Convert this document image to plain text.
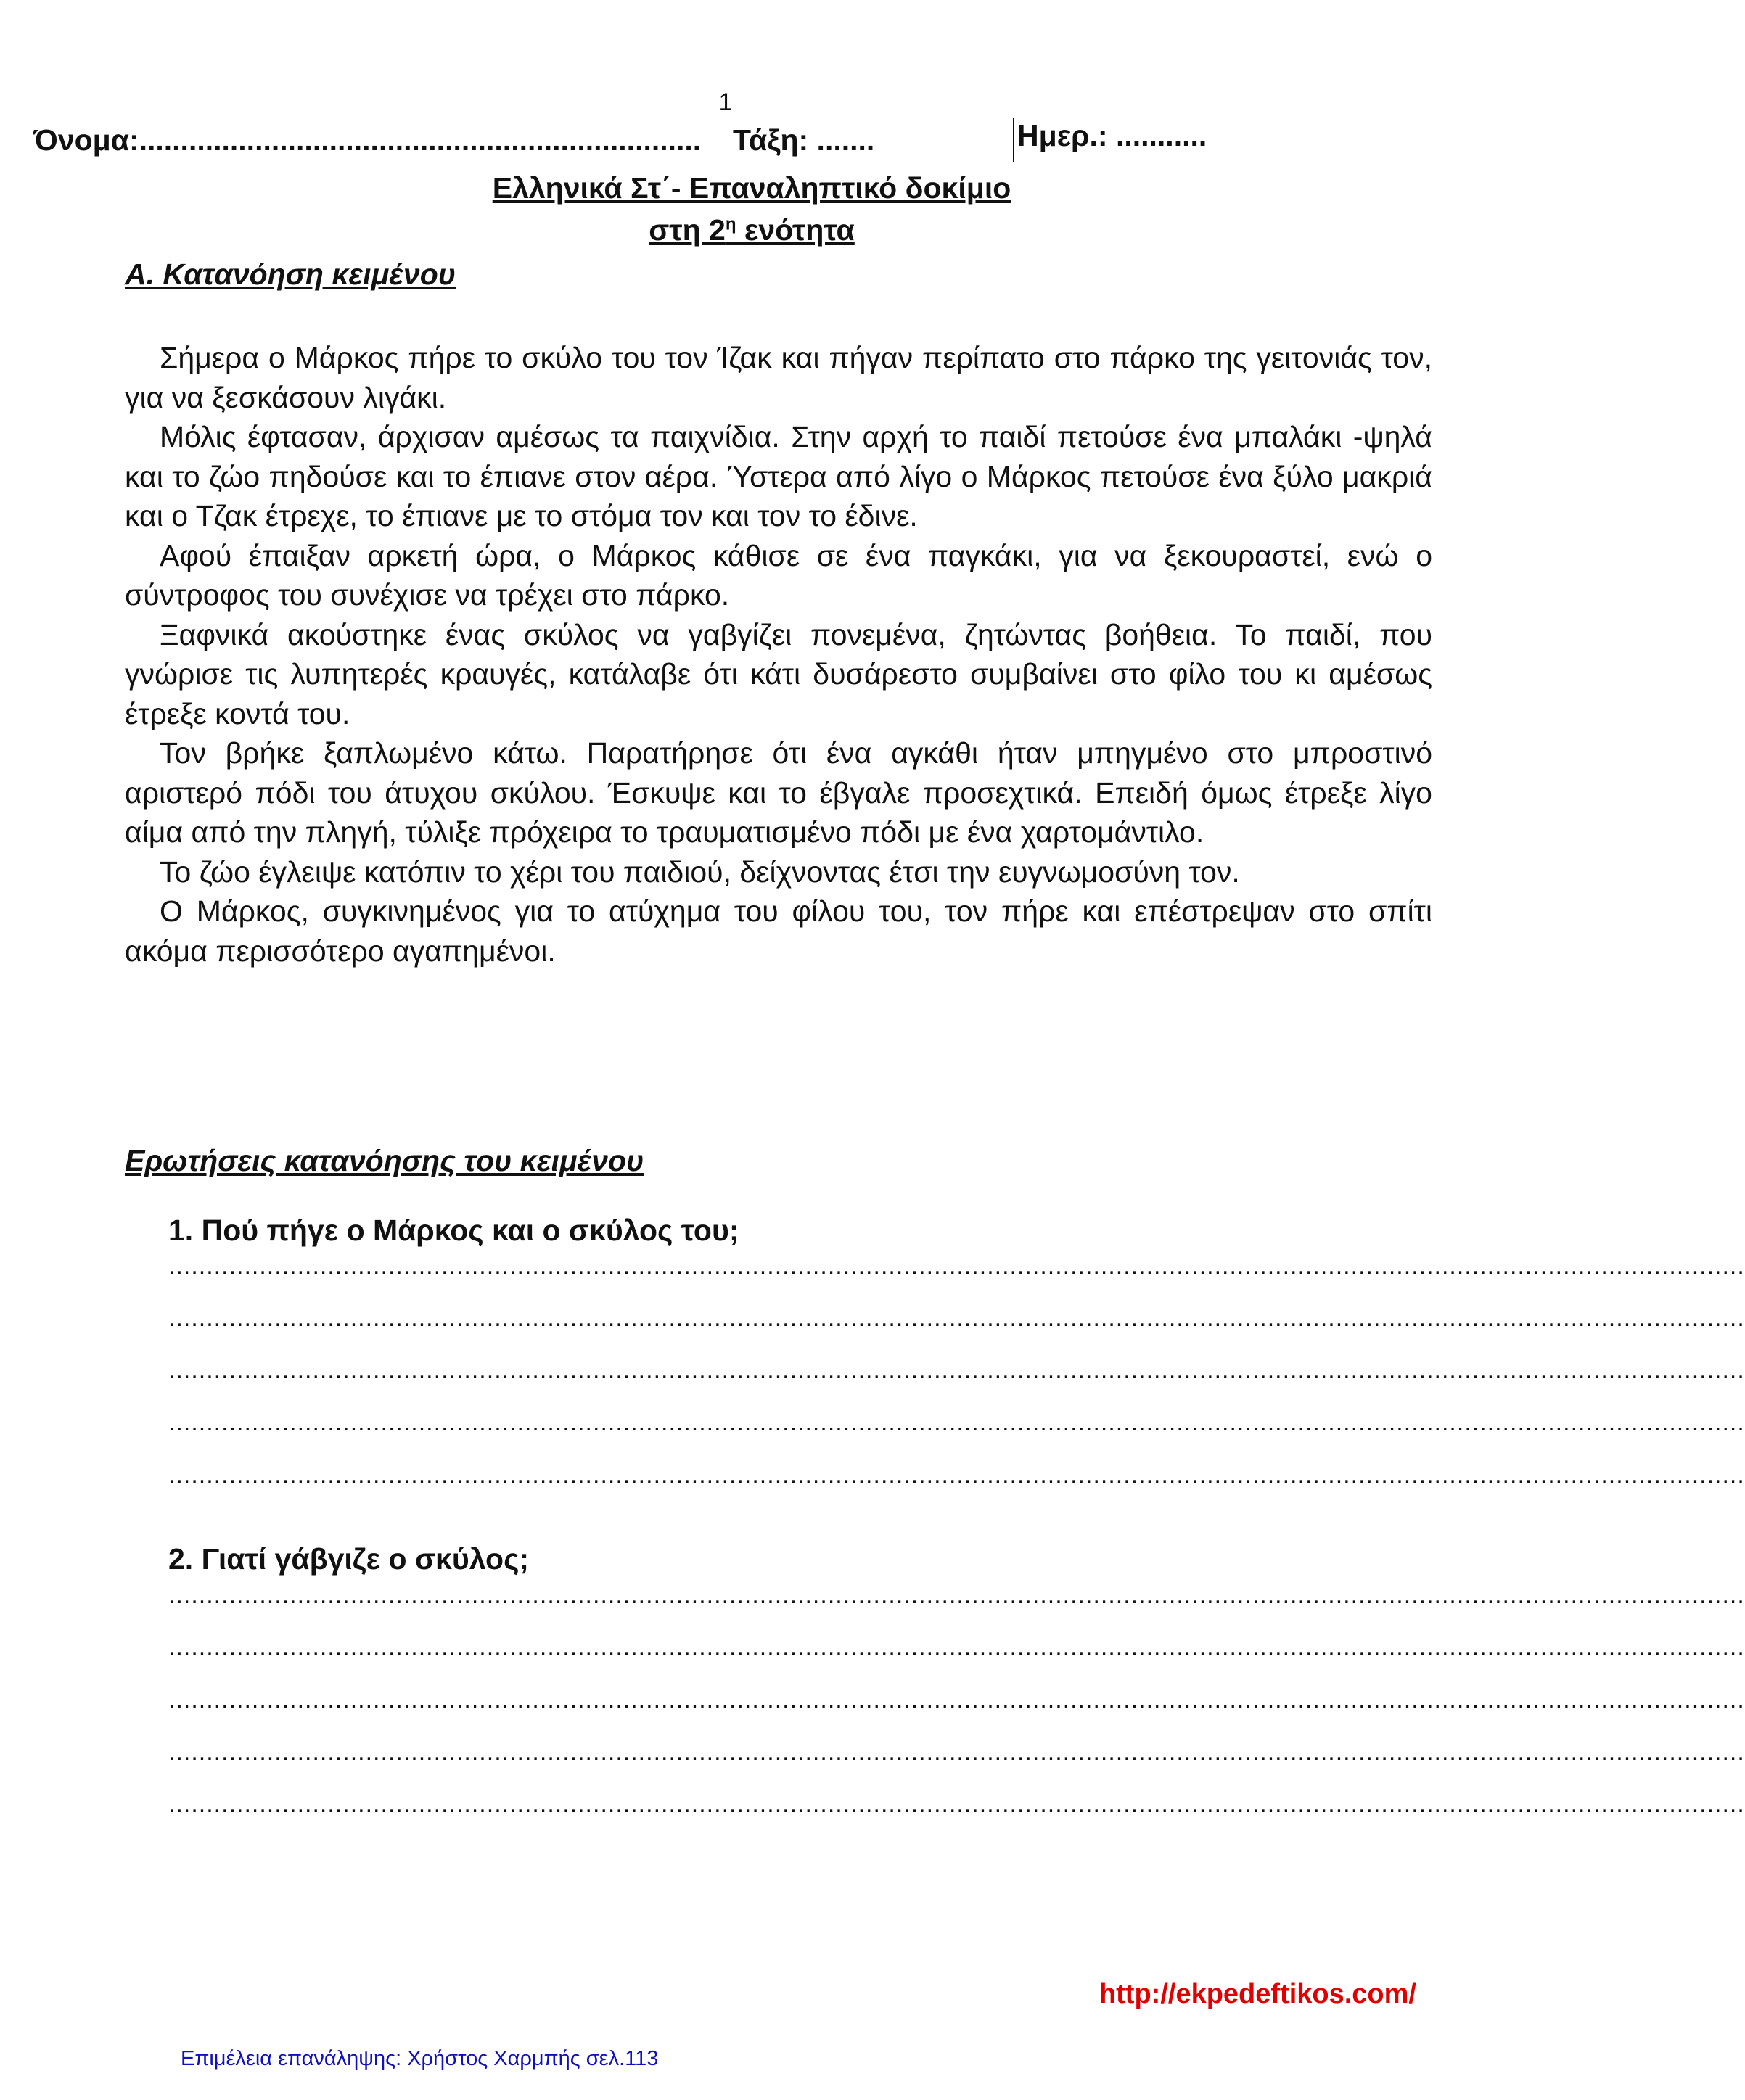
1
Όνομα:.................................................................... Τάξη: .......	Ημερ.: ...........
Ελληνικά Στ΄- Επαναληπτικό δοκίμιο
στη $2^\eta$ ενότητα
Α. Κατανόηση κειμένου

Σήμερα ο Μάρκος πήρε το σκύλο του τον Ίζακ και πήγαν περίπατο στο πάρκο της γειτονιάς τον, για να ξεσκάσουν λιγάκι.

Μόλις έφτασαν, άρχισαν αμέσως τα παιχνίδια. Στην αρχή το παιδί πετούσε ένα μπαλάκι -ψηλά και το ζώο πηδούσε και το έπιανε στον αέρα. Ύστερα από λίγο ο Μάρκος πετούσε ένα ξύλο μακριά και ο Τζακ έτρεχε, το έπιανε με το στόμα τον και τον το έδινε.

Αφού έπαιξαν αρκετή ώρα, ο Μάρκος κάθισε σε ένα παγκάκι, για να ξεκουραστεί, ενώ ο σύντροφος του συνέχισε να τρέχει στο πάρκο.

Ξαφνικά ακούστηκε ένας σκύλος να γαβγίζει πονεμένα, ζητώντας βοήθεια. Το παιδί, που γνώρισε τις λυπητερές κραυγές, κατάλαβε ότι κάτι δυσάρεστο συμβαίνει στο φίλο του κι αμέσως έτρεξε κοντά του.

Τον βρήκε ξαπλωμένο κάτω. Παρατήρησε ότι ένα αγκάθι ήταν μπηγμένο στο μπροστινό αριστερό πόδι του άτυχου σκύλου. Έσκυψε και το έβγαλε προσεχτικά. Επειδή όμως έτρεξε λίγο αίμα από την πληγή, τύλιξε πρόχειρα το τραυματισμένο πόδι με ένα χαρτομάντιλο.

Το ζώο έγλειψε κατόπιν το χέρι του παιδιού, δείχνοντας έτσι την ευγνωμοσύνη τον.

Ο Μάρκος, συγκινημένος για το ατύχημα του φίλου του, τον πήρε και επέστρεψαν στο σπίτι ακόμα περισσότερο αγαπημένοι.

Ερωτήσεις κατανόησης του κειμένου
1. Πού πήγε ο Μάρκος και ο σκύλος του;
................................................................................................................................................................................................................
................................................................................................................................................................................................................
................................................................................................................................................................................................................
................................................................................................................................................................................................................
................................................................................................................................................................................................................
2. Γιατί γάβγιζε ο σκύλος;
................................................................................................................................................................................................................
................................................................................................................................................................................................................
................................................................................................................................................................................................................
................................................................................................................................................................................................................
................................................................................................................................................................................................................
http://ekpedeftikos.com/
Επιμέλεια επανάληψης: Χρήστος Χαρμπής σελ.113
